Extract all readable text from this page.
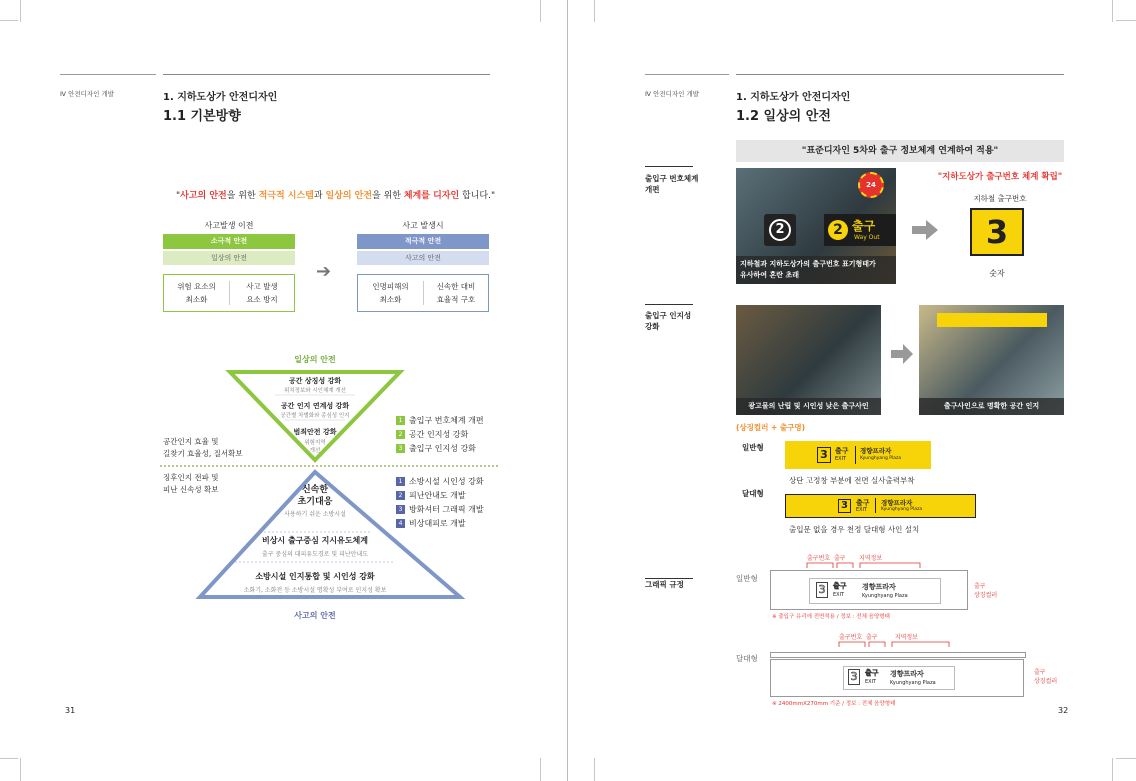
Ⅳ 안전디자인 개발	1. 지하도상가 안전디자인
1.1 기본방향
"사고의 안전을 위한 적극적 시스템과 일상의 안전을 위한 체계를 디자인 합니다."
사고발생 이전
소극적 안전
일상의 안전
위험 요소의
최소화
사고 발생
요소 방지
➔
사고 발생시
적극적 안전
사고의 안전
인명피해의
최소화
신속한 대비
효율적 구호
일상의 안전
공간 상징성 강화
위치정보와 시인체계 개선
공간 인지 연계성 강화
공간별 차별화와 종심성 인지
범죄안전 강화
위험지역
개선
신속한
초기대응
사용하기 쉬운 소방시설
비상시 출구중심 지시유도체계
출구 중심의 대피유도경로 및 피난안내도
소방시설 인지통합 및 시인성 강화
소화기, 소화전 등 소방시설 명확성 부여로 인지성 확보
사고의 안전
공간인지 효율 및
길찾기 효율성, 질서확보
징후인지 전파 및
피난 신속성 확보
1 출입구 번호체계 개편
2 공간 인지성 강화
3 출입구 인지성 강화
1 소방시설 시인성 강화
2 피난안내도 개발
3 방화셔터 그래픽 개발
4 비상대피로 개발
31
Ⅳ 안전디자인 개발	1. 지하도상가 안전디자인
1.2 일상의 안전
"표준디자인 5차와 출구 정보체계 연계하여 적용"
출입구 번호체계
개편	24
2	2 출구
Way Out
지하철과 지하도상가의 출구번호 표기형태가
유사하여 혼란 초래
"지하도상가 출구번호 체계 확립"
지하철 출구번호
3
숫자
출입구 인지성
강화
광고물의 난립 및 시인성 낮은 출구사인	출구사인으로 명확한 공간 인지
(상징컬러 + 출구명)
일반형
3	출구
EXIT
경향프라자
Kyunghyang Plaza
상단 고정창 부분에 전면 실사출력부착
달대형
3	출구
EXIT
경향프라자
Kyunghyang Plaza
출입문 없을 경우 천정 달대형 사인 설치
그래픽 규정
출구번호 출구 지역정보
일반형
3	출구
EXIT
경향프라자
Kyunghyang Plaza
출구
상징컬러
※ 출입구 유리에 전면적용 / 정보 : 전체 음양형태
출구번호 출구	지역정보
달대형
3	출구
EXIT
경향프라자
Kyunghyang Plaza
출구
상징컬러
※ 2400mmX270mm 기준 / 정보 : 전체 음양형태
32
